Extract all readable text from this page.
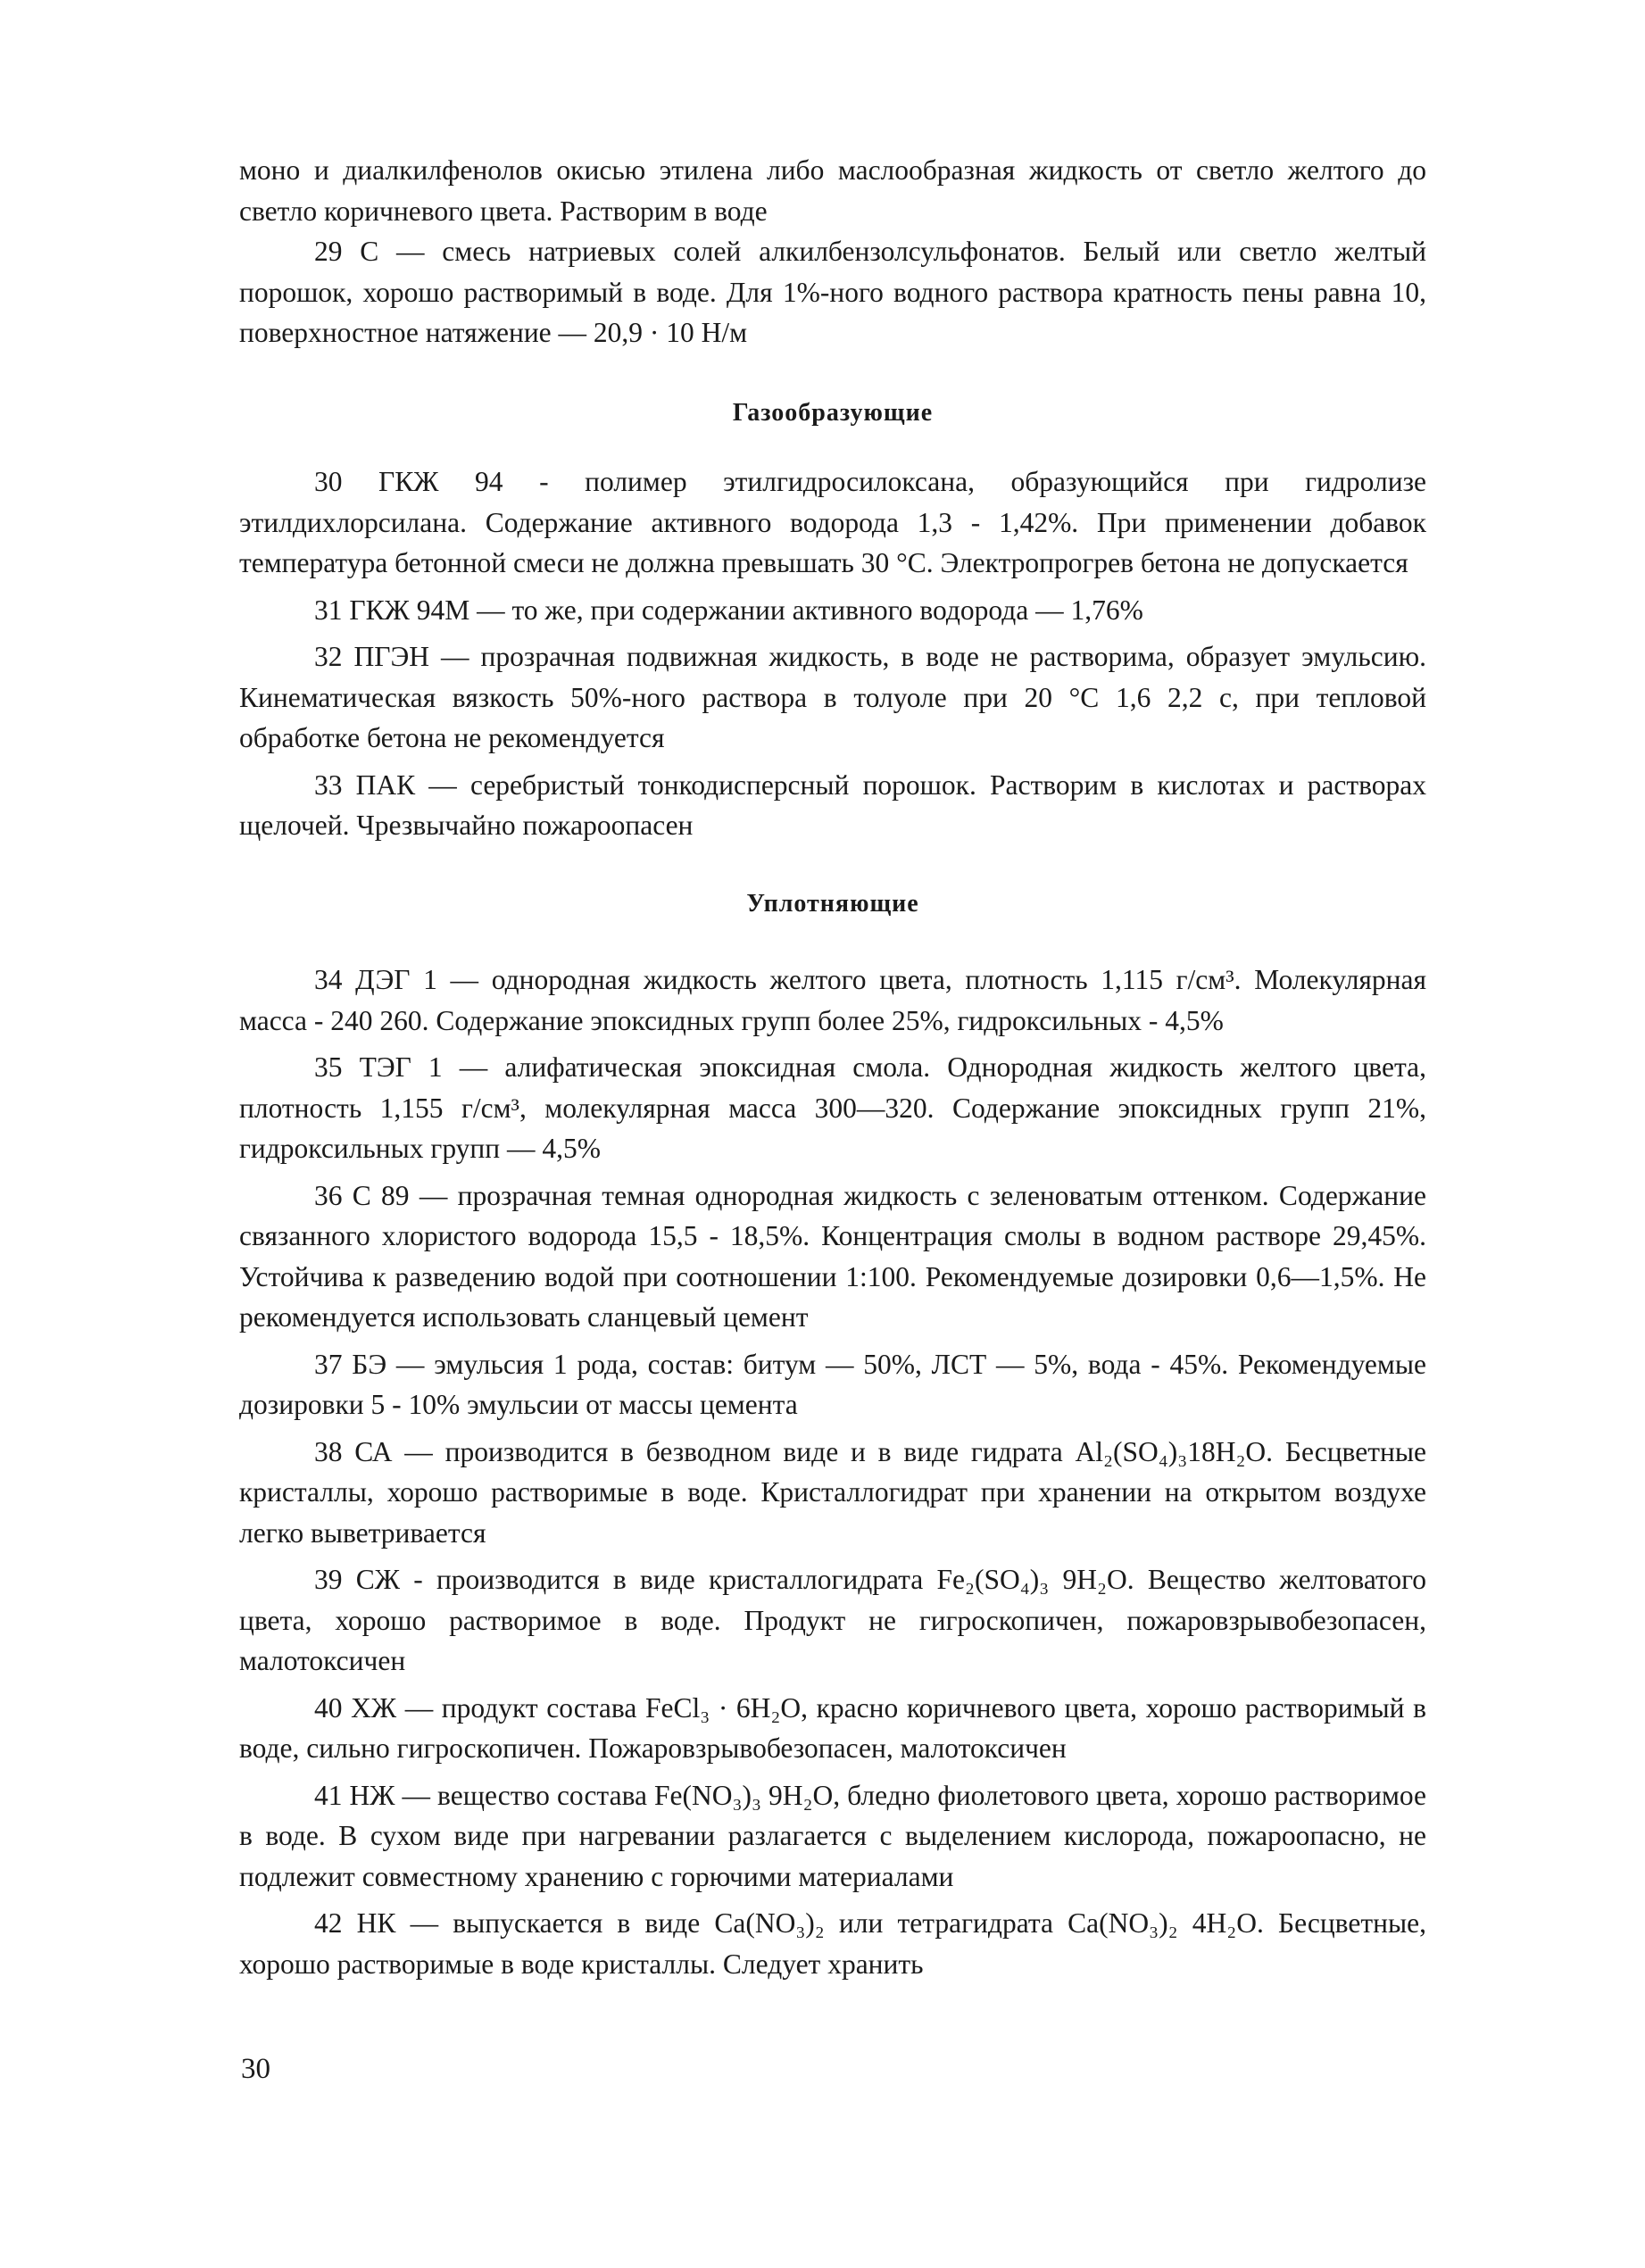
моно и диалкилфенолов окисью этилена либо маслообразная жидкость от светло желтого до светло коричневого цвета. Растворим в воде

29 С — смесь натриевых солей алкилбензолсульфонатов. Белый или светло желтый порошок, хорошо растворимый в воде. Для 1%-ного водного раствора кратность пены равна 10, поверхностное натяжение — 20,9 · 10 Н/м

Газообразующие

30 ГКЖ 94 - полимер этилгидросилоксана, образующийся при гидролизе этилдихлорсилана. Содержание активного водорода 1,3 - 1,42%. При применении добавок температура бетонной смеси не должна превышать 30 °С. Электропрогрев бетона не допускается

31 ГКЖ 94М — то же, при содержании активного водорода — 1,76%

32 ПГЭН — прозрачная подвижная жидкость, в воде не растворима, образует эмульсию. Кинематическая вязкость 50%-ного раствора в толуоле при 20 °С 1,6 2,2 с, при тепловой обработке бетона не рекомендуется

33 ПАК — серебристый тонкодисперсный порошок. Растворим в кислотах и растворах щелочей. Чрезвычайно пожароопасен

Уплотняющие

34 ДЭГ 1 — однородная жидкость желтого цвета, плотность 1,115 г/см³. Молекулярная масса - 240 260. Содержание эпоксидных групп более 25%, гидроксильных - 4,5%

35 ТЭГ 1 — алифатическая эпоксидная смола. Однородная жидкость желтого цвета, плотность 1,155 г/см³, молекулярная масса 300—320. Содержание эпоксидных групп 21%, гидроксильных групп — 4,5%

36 С 89 — прозрачная темная однородная жидкость с зеленоватым оттенком. Содержание связанного хлористого водорода 15,5 - 18,5%. Концентрация смолы в водном растворе 29,45%. Устойчива к разведению водой при соотношении 1:100. Рекомендуемые дозировки 0,6—1,5%. Не рекомендуется использовать сланцевый цемент

37 БЭ — эмульсия 1 рода, состав: битум — 50%, ЛСТ — 5%, вода - 45%. Рекомендуемые дозировки 5 - 10% эмульсии от массы цемента

38 СА — производится в безводном виде и в виде гидрата Al₂(SO₄)₃18H₂O. Бесцветные кристаллы, хорошо растворимые в воде. Кристаллогидрат при хранении на открытом воздухе легко выветривается

39 СЖ - производится в виде кристаллогидрата Fe₂(SO₄)₃ 9H₂O. Вещество желтоватого цвета, хорошо растворимое в воде. Продукт не гигроскопичен, пожаровзрывобезопасен, малотоксичен

40 ХЖ — продукт состава FeCl₃ · 6H₂O, красно коричневого цвета, хорошо растворимый в воде, сильно гигроскопичен. Пожаровзрывобезопасен, малотоксичен

41 НЖ — вещество состава Fe(NO₃)₃ 9H₂O, бледно фиолетового цвета, хорошо растворимое в воде. В сухом виде при нагревании разлагается с выделением кислорода, пожароопасно, не подлежит совместному хранению с горючими материалами

42 НК — выпускается в виде Ca(NO₃)₂ или тетрагидрата Ca(NO₃)₂ 4H₂O. Бесцветные, хорошо растворимые в воде кристаллы. Следует хранить

30
